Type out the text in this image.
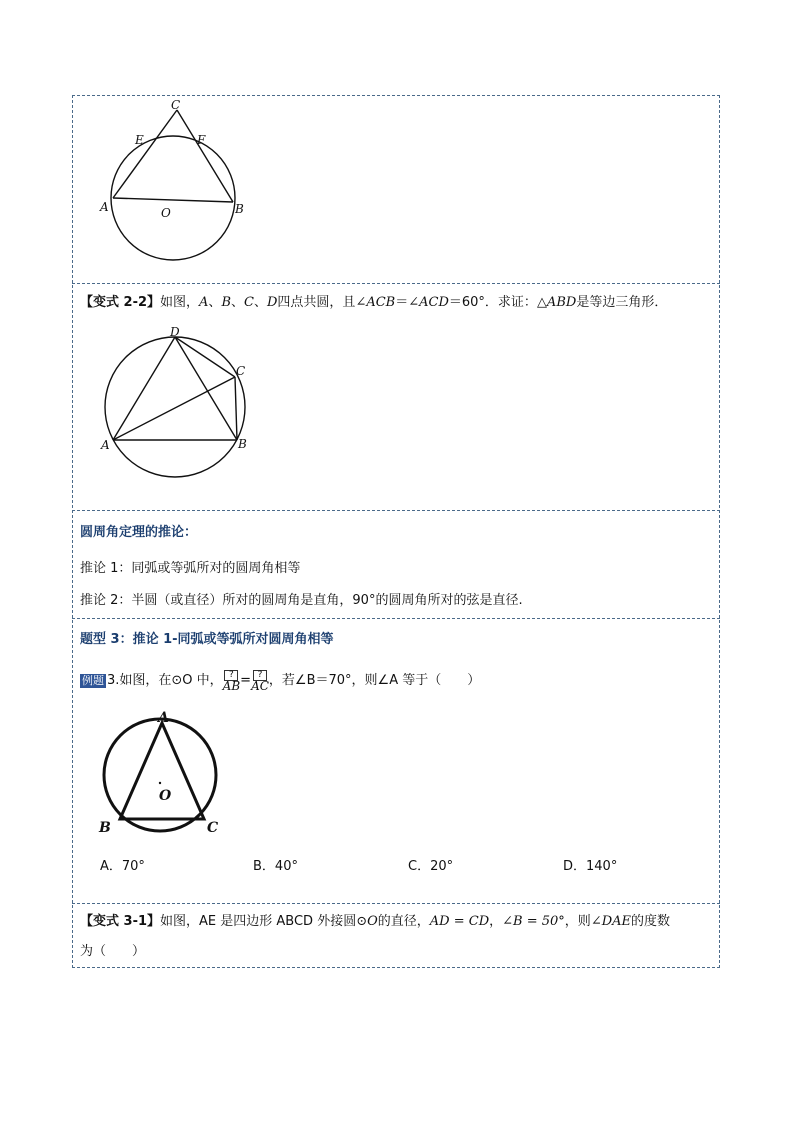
C
E	F
A	B
O
【变式 2-2】如图，A、B、C、D四点共圆，且∠ACB＝∠ACD＝60°．求证：△ABD是等边三角形．
D
C
A	B
圆周角定理的推论：
推论 1：同弧或等弧所对的圆周角相等
推论 2：半圆（或直径）所对的圆周角是直角，90°的圆周角所对的弦是直径.
题型 3：推论 1-同弧或等弧所对圆周角相等
例题 3.如图，在⊙O 中， ?
AB = ?
AC ，若∠B＝70°，则∠A 等于（　　）
A
B	C
O
A．70°	B．40°	C．20°	D．140°
【变式 3-1】如图，AE 是四边形 ABCD 外接圆⊙O的直径，AD = CD，∠B = 50°，则∠DAE的度数
为（　　）
